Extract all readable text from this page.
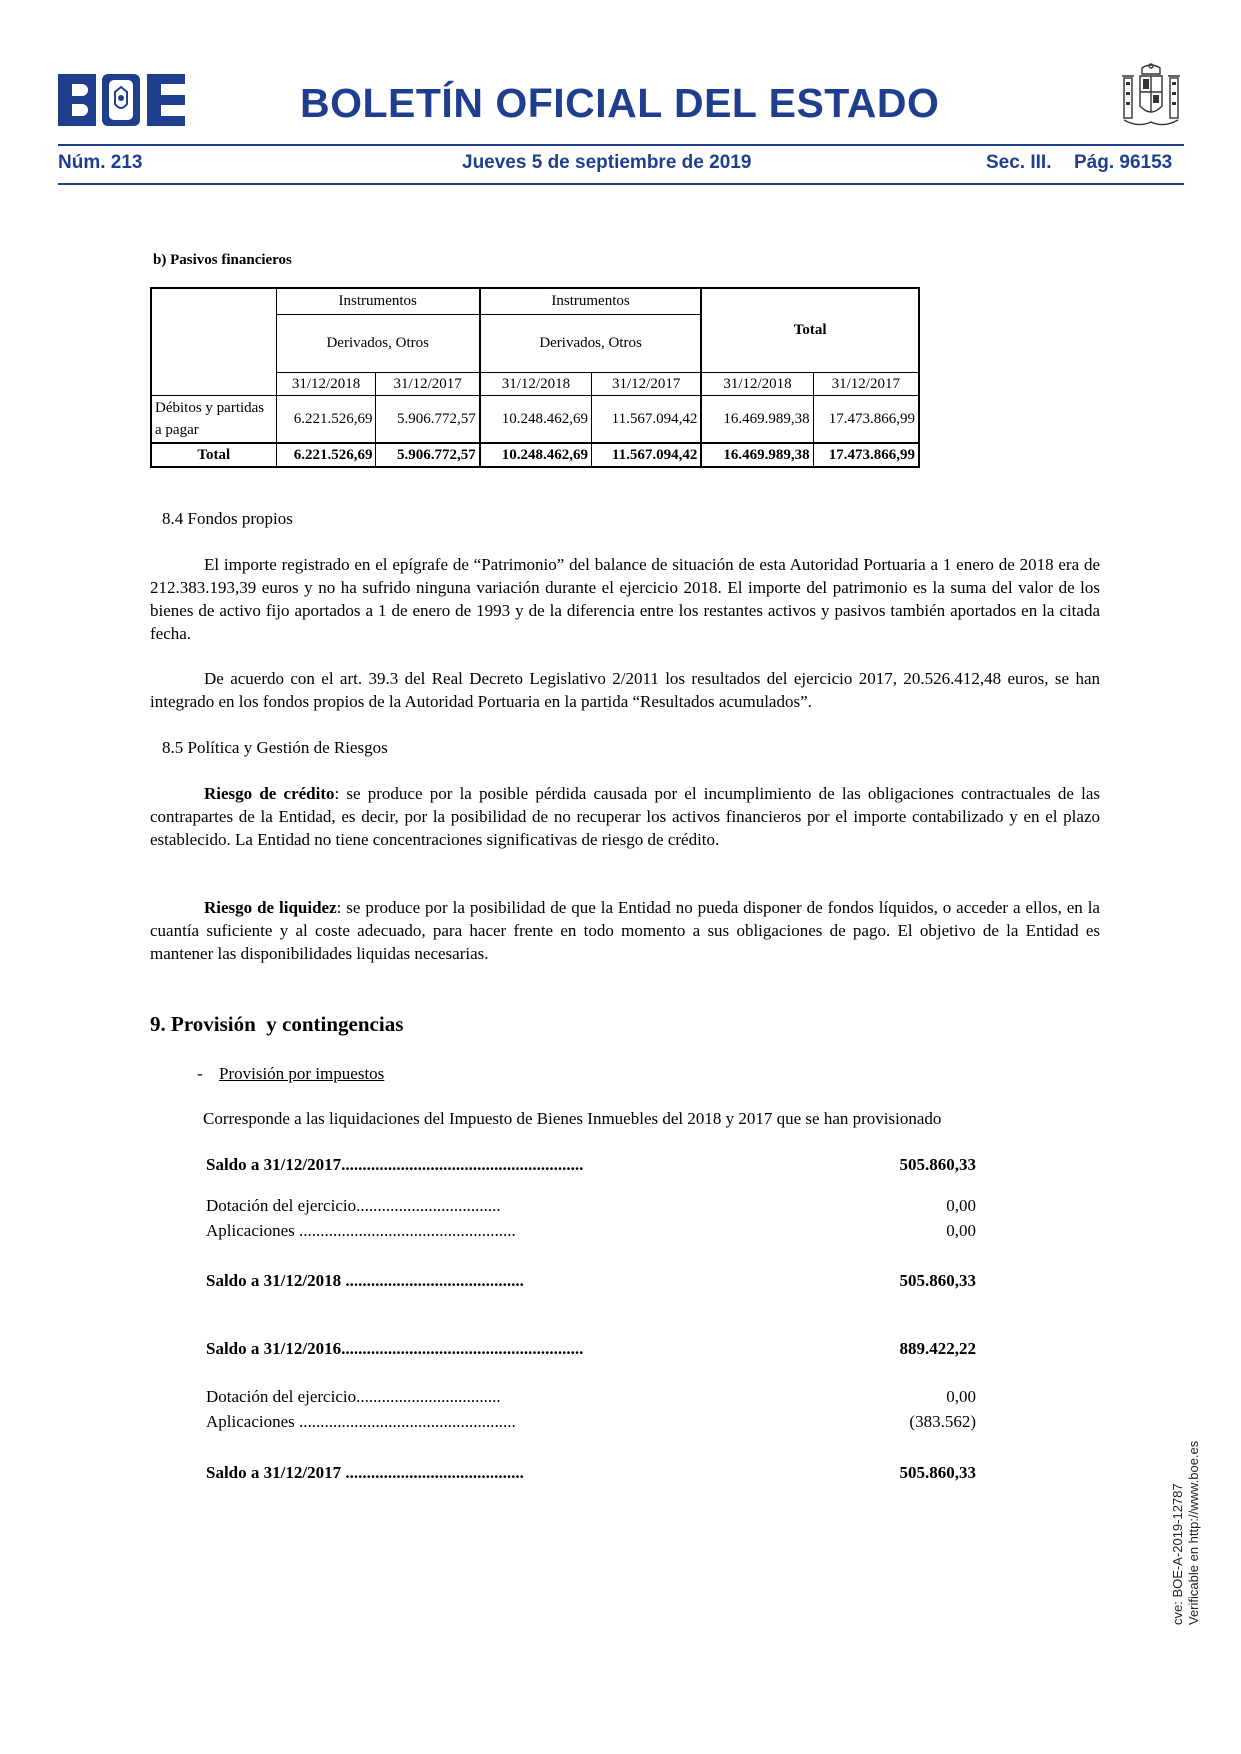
BOLETÍN OFICIAL DEL ESTADO
Núm. 213	Jueves 5 de septiembre de 2019	Sec. III. Pág. 96153
b) Pasivos financieros
	Instrumentos		Instrumentos		Total	
	Derivados, Otros		Derivados, Otros			
	31/12/2018	31/12/2017	31/12/2018	31/12/2017	31/12/2018	31/12/2017
Débitos y partidas a pagar	6.221.526,69	5.906.772,57	10.248.462,69	11.567.094,42	16.469.989,38	17.473.866,99
Total	6.221.526,69	5.906.772,57	10.248.462,69	11.567.094,42	16.469.989,38	17.473.866,99
8.4 Fondos propios
El importe registrado en el epígrafe de “Patrimonio” del balance de situación de esta Autoridad Portuaria a 1 enero de 2018 era de 212.383.193,39 euros y no ha sufrido ninguna variación durante el ejercicio 2018. El importe del patrimonio es la suma del valor de los bienes de activo fijo aportados a 1 de enero de 1993 y de la diferencia entre los restantes activos y pasivos también aportados en la citada fecha.
De acuerdo con el art. 39.3 del Real Decreto Legislativo 2/2011 los resultados del ejercicio 2017, 20.526.412,48 euros, se han integrado en los fondos propios de la Autoridad Portuaria en la partida “Resultados acumulados”.
8.5 Política y Gestión de Riesgos
Riesgo de crédito: se produce por la posible pérdida causada por el incumplimiento de las obligaciones contractuales de las contrapartes de la Entidad, es decir, por la posibilidad de no recuperar los activos financieros por el importe contabilizado y en el plazo establecido. La Entidad no tiene concentraciones significativas de riesgo de crédito.
Riesgo de liquidez: se produce por la posibilidad de que la Entidad no pueda disponer de fondos líquidos, o acceder a ellos, en la cuantía suficiente y al coste adecuado, para hacer frente en todo momento a sus obligaciones de pago. El objetivo de la Entidad es mantener las disponibilidades liquidas necesarias.
9. Provisión  y contingencias
- Provisión por impuestos
Corresponde a las liquidaciones del Impuesto de Bienes Inmuebles del 2018 y 2017 que se han provisionado
Saldo a 31/12/2017.........................................................	505.860,33
Dotación del ejercicio..................................	0,00
Aplicaciones ...................................................	0,00
Saldo a 31/12/2018 ..........................................	505.860,33
Saldo a 31/12/2016.........................................................	889.422,22
Dotación del ejercicio..................................	0,00
Aplicaciones ...................................................	(383.562)
Saldo a 31/12/2017 ..........................................	505.860,33
cve: BOE-A-2019-12787 Verificable en http://www.boe.es
